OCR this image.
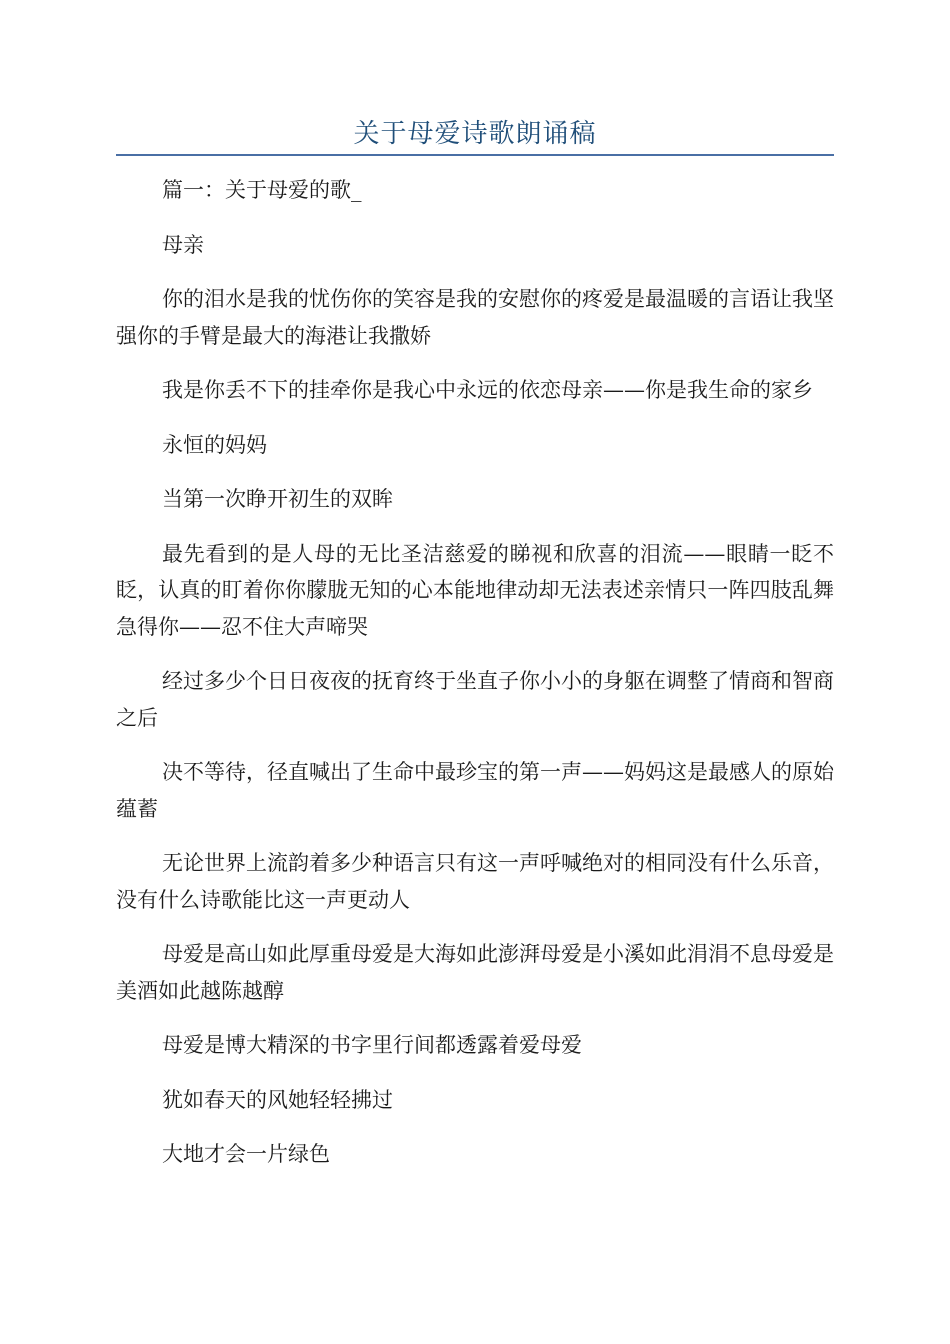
关于母爱诗歌朗诵稿

篇一：关于母爱的歌_

母亲

你的泪水是我的忧伤你的笑容是我的安慰你的疼爱是最温暖的言语让我坚强你的手臂是最大的海港让我撒娇

我是你丢不下的挂牵你是我心中永远的依恋母亲——你是我生命的家乡

永恒的妈妈

当第一次睁开初生的双眸

最先看到的是人母的无比圣洁慈爱的睇视和欣喜的泪流——眼睛一眨不眨，认真的盯着你你朦胧无知的心本能地律动却无法表述亲情只一阵四肢乱舞急得你——忍不住大声啼哭

经过多少个日日夜夜的抚育终于坐直子你小小的身躯在调整了情商和智商之后

决不等待，径直喊出了生命中最珍宝的第一声——妈妈这是最感人的原始蕴蓄

无论世界上流韵着多少种语言只有这一声呼喊绝对的相同没有什么乐音，没有什么诗歌能比这一声更动人

母爱是高山如此厚重母爱是大海如此澎湃母爱是小溪如此涓涓不息母爱是美酒如此越陈越醇

母爱是博大精深的书字里行间都透露着爱母爱

犹如春天的风她轻轻拂过

大地才会一片绿色
